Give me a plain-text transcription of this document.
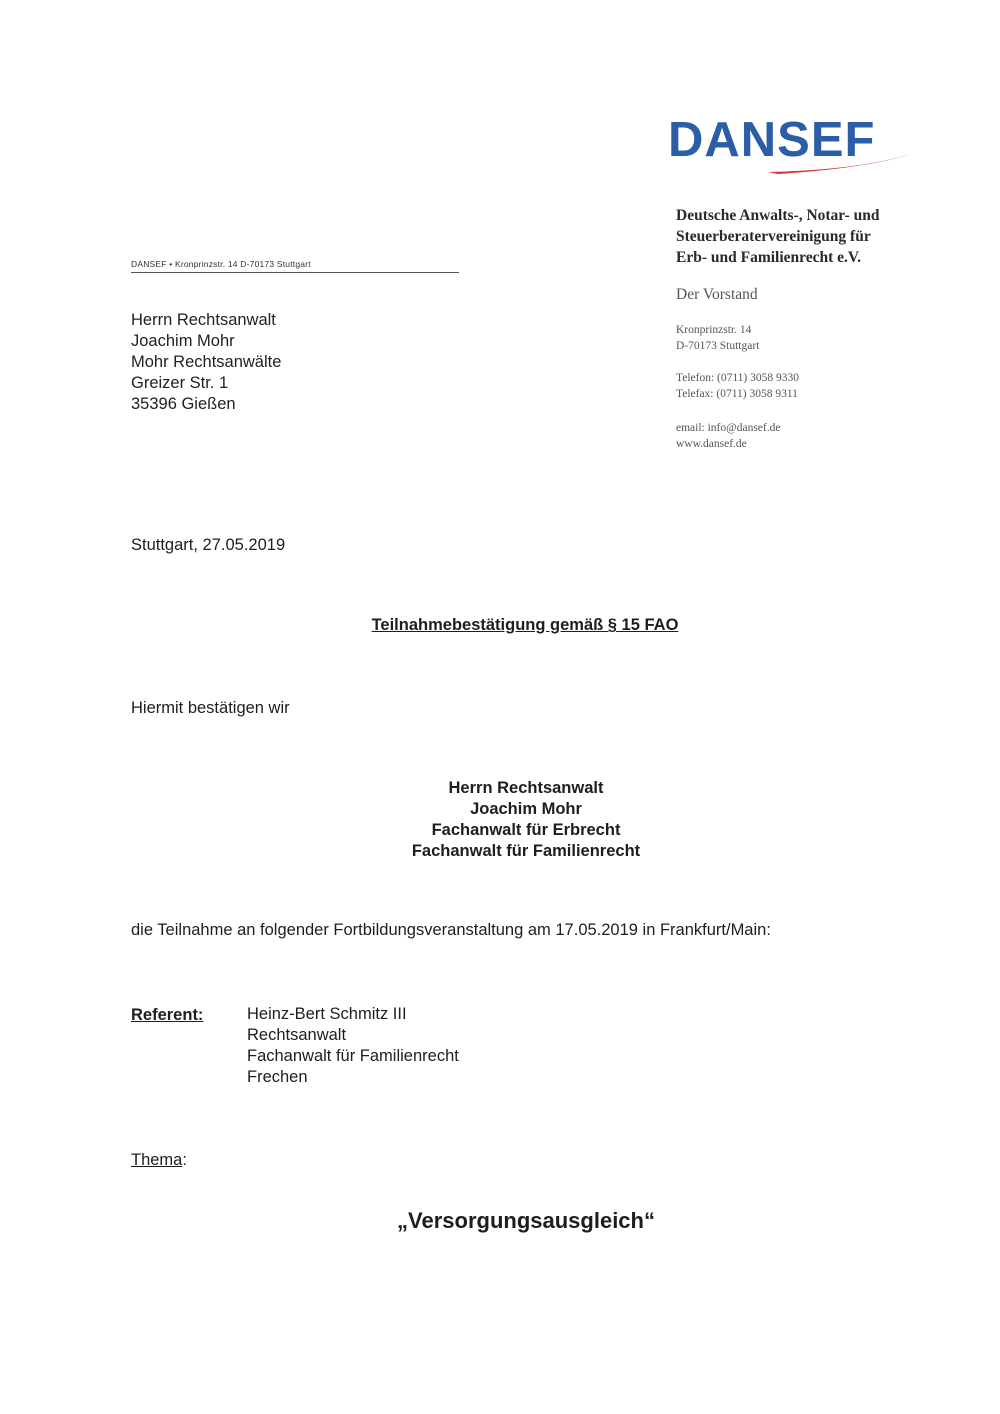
DANSEF
Deutsche Anwalts-, Notar- und
Steuerberatervereinigung für
Erb- und Familienrecht e.V.
Der Vorstand
Kronprinzstr. 14
D-70173 Stuttgart
Telefon: (0711) 3058 9330
Telefax: (0711) 3058 9311
email: info@dansef.de
www.dansef.de
DANSEF • Kronprinzstr. 14 D-70173 Stuttgart
Herrn Rechtsanwalt
Joachim Mohr
Mohr Rechtsanwälte
Greizer Str. 1
35396 Gießen
Stuttgart, 27.05.2019
Teilnahmebestätigung gemäß § 15 FAO
Hiermit bestätigen wir
Herrn Rechtsanwalt
Joachim Mohr
Fachanwalt für Erbrecht
Fachanwalt für Familienrecht
die Teilnahme an folgender Fortbildungsveranstaltung am 17.05.2019 in Frankfurt/Main:
Referent:	Heinz-Bert Schmitz III
Rechtsanwalt
Fachanwalt für Familienrecht
Frechen
Thema:
„Versorgungsausgleich“
